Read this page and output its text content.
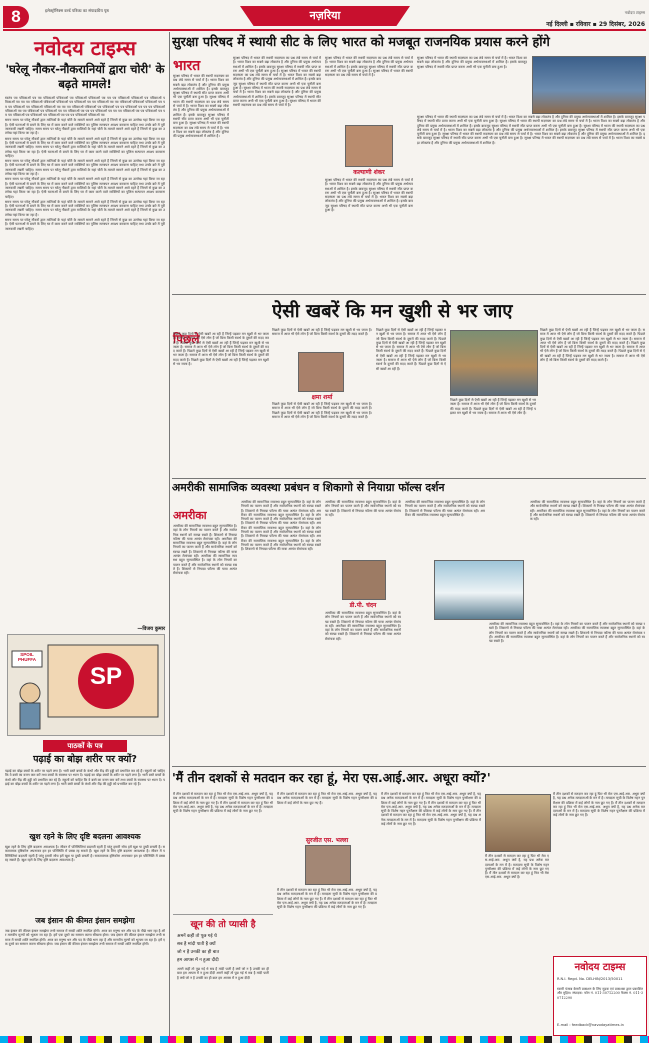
8	इलेक्ट्रॉनिक्स वर्ल्ड पत्रिका का संपादकीय पृष्ठ	नज़रिया
नई दिल्ली ▪ रविवार ▪ 29 दिसंबर, 2026
नवोदय टाइम्स
नवोदय टाइम्स
'घरेलू नौकर-नौकरानियों द्वारा चोरी' के बढ़ते मामले!
स्वतंत्र पत्र पत्रिकाओं पत्र पत्र पत्रिकाओं पत्रिकाओं पत्र पत्रिकाओं पत्रिकाओं पत्र पत्र पत्र पत्रिकाओं पत्रिकाओं पत्र पत्रिकाओं पत्रिकाओं पत्र पत्र पत्र पत्रिकाओं पत्रिकाओं पत्रिकाओं पत्र पत्रिकाओं पत्र पत्र पत्रिकाओं पत्र पत्र पत्रिकाओं पत्रिकाओं पत्रिकाओं पत्र पत्र पत्र पत्रिकाओं पत्र पत्रिकाओं पत्रिकाओं पत्र पत्र पत्र पत्रिकाओं पत्रिकाओं पत्र पत्रिकाओं पत्र पत्र पत्रिकाओं पत्र पत्र पत्र पत्रिकाओं पत्रिकाओं पत्र पत्र पत्रिकाओं पत्र पत्रिकाओं पत्र पत्र पत्रिकाओं पत्र पत्र पत्र पत्रिकाओं पत्र पत्र पत्र पत्रिकाओं पत्र पत्र पत्रिकाओं पत्र पत्र पत्र पत्रिकाओं पत्र पत्रिकाओं पत्र पत्रिकाओं पत्र पत्र पत्र पत्रिकाओं पत्रिकाओं पत्र
समय समय पर घरेलू नौकरों द्वारा मालिकों के यहां चोरी के मामले सामने आते रहते हैं जिनमें से कुछ का उल्लेख यहां किया जा रहा है। ऐसी घटनाओं से बचने के लिए घर में काम करने वाले व्यक्तियों का पुलिस सत्यापन अवश्य करवाना चाहिए तथा उनके बारे में पूरी जानकारी रखनी चाहिए। समय समय पर घरेलू नौकरों द्वारा मालिकों के यहां चोरी के मामले सामने आते रहते हैं जिनमें से कुछ का उल्लेख यहां किया जा रहा है।
समय समय पर घरेलू नौकरों द्वारा मालिकों के यहां चोरी के मामले सामने आते रहते हैं जिनमें से कुछ का उल्लेख यहां किया जा रहा है। ऐसी घटनाओं से बचने के लिए घर में काम करने वाले व्यक्तियों का पुलिस सत्यापन अवश्य करवाना चाहिए तथा उनके बारे में पूरी जानकारी रखनी चाहिए। समय समय पर घरेलू नौकरों द्वारा मालिकों के यहां चोरी के मामले सामने आते रहते हैं जिनमें से कुछ का उल्लेख यहां किया जा रहा है। ऐसी घटनाओं से बचने के लिए घर में काम करने वाले व्यक्तियों का पुलिस सत्यापन अवश्य करवाना चाहिए।
समय समय पर घरेलू नौकरों द्वारा मालिकों के यहां चोरी के मामले सामने आते रहते हैं जिनमें से कुछ का उल्लेख यहां किया जा रहा है। ऐसी घटनाओं से बचने के लिए घर में काम करने वाले व्यक्तियों का पुलिस सत्यापन अवश्य करवाना चाहिए तथा उनके बारे में पूरी जानकारी रखनी चाहिए। समय समय पर घरेलू नौकरों द्वारा मालिकों के यहां चोरी के मामले सामने आते रहते हैं जिनमें से कुछ का उल्लेख यहां किया जा रहा है।
समय समय पर घरेलू नौकरों द्वारा मालिकों के यहां चोरी के मामले सामने आते रहते हैं जिनमें से कुछ का उल्लेख यहां किया जा रहा है। ऐसी घटनाओं से बचने के लिए घर में काम करने वाले व्यक्तियों का पुलिस सत्यापन अवश्य करवाना चाहिए तथा उनके बारे में पूरी जानकारी रखनी चाहिए। समय समय पर घरेलू नौकरों द्वारा मालिकों के यहां चोरी के मामले सामने आते रहते हैं जिनमें से कुछ का उल्लेख यहां किया जा रहा है। ऐसी घटनाओं से बचने के लिए घर में काम करने वाले व्यक्तियों का पुलिस सत्यापन अवश्य करवाना चाहिए।
समय समय पर घरेलू नौकरों द्वारा मालिकों के यहां चोरी के मामले सामने आते रहते हैं जिनमें से कुछ का उल्लेख यहां किया जा रहा है। ऐसी घटनाओं से बचने के लिए घर में काम करने वाले व्यक्तियों का पुलिस सत्यापन अवश्य करवाना चाहिए तथा उनके बारे में पूरी जानकारी रखनी चाहिए। समय समय पर घरेलू नौकरों द्वारा मालिकों के यहां चोरी के मामले सामने आते रहते हैं जिनमें से कुछ का उल्लेख यहां किया जा रहा है।
समय समय पर घरेलू नौकरों द्वारा मालिकों के यहां चोरी के मामले सामने आते रहते हैं जिनमें से कुछ का उल्लेख यहां किया जा रहा है। ऐसी घटनाओं से बचने के लिए घर में काम करने वाले व्यक्तियों का पुलिस सत्यापन अवश्य करवाना चाहिए तथा उनके बारे में पूरी जानकारी रखनी चाहिए।
—विजय कुमार
SPOIL PHUFFA
SP
पाठकों के पत्र
पढ़ाई का बोझ शरीर पर क्यों?
पढ़ाई का बोझ बच्चों के शरीर पर पड़ने लगा है। भारी बस्ते बच्चों के कंधों और रीढ़ की हड्डी को प्रभावित कर रहे हैं। स्कूलों को चाहिए कि वे बस्ते का वजन कम करें तथा बच्चों के स्वास्थ्य पर ध्यान दें। पढ़ाई का बोझ बच्चों के शरीर पर पड़ने लगा है। भारी बस्ते बच्चों के कंधों और रीढ़ की हड्डी को प्रभावित कर रहे हैं। स्कूलों को चाहिए कि वे बस्ते का वजन कम करें तथा बच्चों के स्वास्थ्य पर ध्यान दें। पढ़ाई का बोझ बच्चों के शरीर पर पड़ने लगा है। भारी बस्ते बच्चों के कंधों और रीढ़ की हड्डी को प्रभावित कर रहे हैं।
खुश रहने के लिए दृष्टि बदलना आवश्यक
खुश रहने के लिए दृष्टि बदलना आवश्यक है। जीवन में परिस्थितियां बदलती रहती हैं परंतु हमारी सोच हमें खुश या दुखी बनाती है। सकारात्मक दृष्टिकोण अपनाकर हम हर परिस्थिति में प्रसन्न रह सकते हैं। खुश रहने के लिए दृष्टि बदलना आवश्यक है। जीवन में परिस्थितियां बदलती रहती हैं परंतु हमारी सोच हमें खुश या दुखी बनाती है। सकारात्मक दृष्टिकोण अपनाकर हम हर परिस्थिति में प्रसन्न रह सकते हैं। खुश रहने के लिए दृष्टि बदलना आवश्यक है।
जब इंसान की कीमत इंसान समझेगा
जब इंसान की कीमत इंसान समझेगा तभी समाज में सच्ची शांति स्थापित होगी। आज का मनुष्य धन और पद के पीछे भाग रहा है और मानवीय मूल्यों को भूलता जा रहा है। हमें एक दूसरे का सम्मान करना सीखना होगा। जब इंसान की कीमत इंसान समझेगा तभी समाज में सच्ची शांति स्थापित होगी। आज का मनुष्य धन और पद के पीछे भाग रहा है और मानवीय मूल्यों को भूलता जा रहा है। हमें एक दूसरे का सम्मान करना सीखना होगा। जब इंसान की कीमत इंसान समझेगा तभी समाज में सच्ची शांति स्थापित होगी।
सुरक्षा परिषद में स्थायी सीट के लिए भारत को मजबूत राजनयिक प्रयास करने होंगे
भारत
सुरक्षा परिषद में भारत की स्थायी सदस्यता का प्रश्न लंबे समय से चर्चा में है। भारत विश्व का सबसे बड़ा लोकतंत्र है और दुनिया की प्रमुख अर्थव्यवस्थाओं में शामिल है। इसके बावजूद सुरक्षा परिषद में स्थायी सीट प्राप्त करना अभी भी एक चुनौती बना हुआ है। सुरक्षा परिषद में भारत की स्थायी सदस्यता का प्रश्न लंबे समय से चर्चा में है। भारत विश्व का सबसे बड़ा लोकतंत्र है और दुनिया की प्रमुख अर्थव्यवस्थाओं में शामिल है। इसके बावजूद सुरक्षा परिषद में स्थायी सीट प्राप्त करना अभी भी एक चुनौती बना हुआ है। सुरक्षा परिषद में भारत की स्थायी सदस्यता का प्रश्न लंबे समय से चर्चा में है। भारत विश्व का सबसे बड़ा लोकतंत्र है और दुनिया की प्रमुख अर्थव्यवस्थाओं में शामिल है।
सुरक्षा परिषद में भारत की स्थायी सदस्यता का प्रश्न लंबे समय से चर्चा में है। भारत विश्व का सबसे बड़ा लोकतंत्र है और दुनिया की प्रमुख अर्थव्यवस्थाओं में शामिल है। इसके बावजूद सुरक्षा परिषद में स्थायी सीट प्राप्त करना अभी भी एक चुनौती बना हुआ है। सुरक्षा परिषद में भारत की स्थायी सदस्यता का प्रश्न लंबे समय से चर्चा में है। भारत विश्व का सबसे बड़ा लोकतंत्र है और दुनिया की प्रमुख अर्थव्यवस्थाओं में शामिल है। इसके बावजूद सुरक्षा परिषद में स्थायी सीट प्राप्त करना अभी भी एक चुनौती बना हुआ है। सुरक्षा परिषद में भारत की स्थायी सदस्यता का प्रश्न लंबे समय से चर्चा में है। भारत विश्व का सबसे बड़ा लोकतंत्र है और दुनिया की प्रमुख अर्थव्यवस्थाओं में शामिल है। इसके बावजूद सुरक्षा परिषद में स्थायी सीट प्राप्त करना अभी भी एक चुनौती बना हुआ है। सुरक्षा परिषद में भारत की स्थायी सदस्यता का प्रश्न लंबे समय से चर्चा में है।
सुरक्षा परिषद में भारत की स्थायी सदस्यता का प्रश्न लंबे समय से चर्चा में है। भारत विश्व का सबसे बड़ा लोकतंत्र है और दुनिया की प्रमुख अर्थव्यवस्थाओं में शामिल है। इसके बावजूद सुरक्षा परिषद में स्थायी सीट प्राप्त करना अभी भी एक चुनौती बना हुआ है। सुरक्षा परिषद में भारत की स्थायी सदस्यता का प्रश्न लंबे समय से चर्चा में है।
कल्याणी शंकर
सुरक्षा परिषद में भारत की स्थायी सदस्यता का प्रश्न लंबे समय से चर्चा में है। भारत विश्व का सबसे बड़ा लोकतंत्र है और दुनिया की प्रमुख अर्थव्यवस्थाओं में शामिल है। इसके बावजूद सुरक्षा परिषद में स्थायी सीट प्राप्त करना अभी भी एक चुनौती बना हुआ है। सुरक्षा परिषद में भारत की स्थायी सदस्यता का प्रश्न लंबे समय से चर्चा में है। भारत विश्व का सबसे बड़ा लोकतंत्र है और दुनिया की प्रमुख अर्थव्यवस्थाओं में शामिल है। इसके बावजूद सुरक्षा परिषद में स्थायी सीट प्राप्त करना अभी भी एक चुनौती बना हुआ है।
सुरक्षा परिषद में भारत की स्थायी सदस्यता का प्रश्न लंबे समय से चर्चा में है। भारत विश्व का सबसे बड़ा लोकतंत्र है और दुनिया की प्रमुख अर्थव्यवस्थाओं में शामिल है। इसके बावजूद सुरक्षा परिषद में स्थायी सीट प्राप्त करना अभी भी एक चुनौती बना हुआ है।
सुरक्षा परिषद में भारत की स्थायी सदस्यता का प्रश्न लंबे समय से चर्चा में है। भारत विश्व का सबसे बड़ा लोकतंत्र है और दुनिया की प्रमुख अर्थव्यवस्थाओं में शामिल है। इसके बावजूद सुरक्षा परिषद में स्थायी सीट प्राप्त करना अभी भी एक चुनौती बना हुआ है। सुरक्षा परिषद में भारत की स्थायी सदस्यता का प्रश्न लंबे समय से चर्चा में है। भारत विश्व का सबसे बड़ा लोकतंत्र है और दुनिया की प्रमुख अर्थव्यवस्थाओं में शामिल है। इसके बावजूद सुरक्षा परिषद में स्थायी सीट प्राप्त करना अभी भी एक चुनौती बना हुआ है। सुरक्षा परिषद में भारत की स्थायी सदस्यता का प्रश्न लंबे समय से चर्चा में है। भारत विश्व का सबसे बड़ा लोकतंत्र है और दुनिया की प्रमुख अर्थव्यवस्थाओं में शामिल है। इसके बावजूद सुरक्षा परिषद में स्थायी सीट प्राप्त करना अभी भी एक चुनौती बना हुआ है। सुरक्षा परिषद में भारत की स्थायी सदस्यता का प्रश्न लंबे समय से चर्चा में है। भारत विश्व का सबसे बड़ा लोकतंत्र है और दुनिया की प्रमुख अर्थव्यवस्थाओं में शामिल है। इसके बावजूद सुरक्षा परिषद में स्थायी सीट प्राप्त करना अभी भी एक चुनौती बना हुआ है। सुरक्षा परिषद में भारत की स्थायी सदस्यता का प्रश्न लंबे समय से चर्चा में है। भारत विश्व का सबसे बड़ा लोकतंत्र है और दुनिया की प्रमुख अर्थव्यवस्थाओं में शामिल है।
पिछले
पिछले कुछ दिनों से ऐसी खबरें आ रही हैं जिन्हें पढ़कर मन खुशी से भर जाता है। समाज में आज भी ऐसे लोग हैं जो बिना किसी स्वार्थ के दूसरों की मदद करते हैं। पिछले कुछ दिनों से ऐसी खबरें आ रही हैं जिन्हें पढ़कर मन खुशी से भर जाता है। समाज में आज भी ऐसे लोग हैं जो बिना किसी स्वार्थ के दूसरों की मदद करते हैं। पिछले कुछ दिनों से ऐसी खबरें आ रही हैं जिन्हें पढ़कर मन खुशी से भर जाता है। समाज में आज भी ऐसे लोग हैं जो बिना किसी स्वार्थ के दूसरों की मदद करते हैं। पिछले कुछ दिनों से ऐसी खबरें आ रही हैं जिन्हें पढ़कर मन खुशी से भर जाता है।
ऐसी खबरें कि मन खुशी से भर जाए
पिछले कुछ दिनों से ऐसी खबरें आ रही हैं जिन्हें पढ़कर मन खुशी से भर जाता है। समाज में आज भी ऐसे लोग हैं जो बिना किसी स्वार्थ के दूसरों की मदद करते हैं।
क्षमा शर्मा
पिछले कुछ दिनों से ऐसी खबरें आ रही हैं जिन्हें पढ़कर मन खुशी से भर जाता है। समाज में आज भी ऐसे लोग हैं जो बिना किसी स्वार्थ के दूसरों की मदद करते हैं। पिछले कुछ दिनों से ऐसी खबरें आ रही हैं जिन्हें पढ़कर मन खुशी से भर जाता है। समाज में आज भी ऐसे लोग हैं जो बिना किसी स्वार्थ के दूसरों की मदद करते हैं।
पिछले कुछ दिनों से ऐसी खबरें आ रही हैं जिन्हें पढ़कर मन खुशी से भर जाता है। समाज में आज भी ऐसे लोग हैं जो बिना किसी स्वार्थ के दूसरों की मदद करते हैं। पिछले कुछ दिनों से ऐसी खबरें आ रही हैं जिन्हें पढ़कर मन खुशी से भर जाता है। समाज में आज भी ऐसे लोग हैं जो बिना किसी स्वार्थ के दूसरों की मदद करते हैं। पिछले कुछ दिनों से ऐसी खबरें आ रही हैं जिन्हें पढ़कर मन खुशी से भर जाता है। समाज में आज भी ऐसे लोग हैं जो बिना किसी स्वार्थ के दूसरों की मदद करते हैं। पिछले कुछ दिनों से ऐसी खबरें आ रही हैं।
पिछले कुछ दिनों से ऐसी खबरें आ रही हैं जिन्हें पढ़कर मन खुशी से भर जाता है। समाज में आज भी ऐसे लोग हैं जो बिना किसी स्वार्थ के दूसरों की मदद करते हैं। पिछले कुछ दिनों से ऐसी खबरें आ रही हैं जिन्हें पढ़कर मन खुशी से भर जाता है। समाज में आज भी ऐसे लोग हैं।
पिछले कुछ दिनों से ऐसी खबरें आ रही हैं जिन्हें पढ़कर मन खुशी से भर जाता है। समाज में आज भी ऐसे लोग हैं जो बिना किसी स्वार्थ के दूसरों की मदद करते हैं। पिछले कुछ दिनों से ऐसी खबरें आ रही हैं जिन्हें पढ़कर मन खुशी से भर जाता है। समाज में आज भी ऐसे लोग हैं जो बिना किसी स्वार्थ के दूसरों की मदद करते हैं। पिछले कुछ दिनों से ऐसी खबरें आ रही हैं जिन्हें पढ़कर मन खुशी से भर जाता है। समाज में आज भी ऐसे लोग हैं जो बिना किसी स्वार्थ के दूसरों की मदद करते हैं। पिछले कुछ दिनों से ऐसी खबरें आ रही हैं जिन्हें पढ़कर मन खुशी से भर जाता है। समाज में आज भी ऐसे लोग हैं जो बिना किसी स्वार्थ के दूसरों की मदद करते हैं।
अमरीकी सामाजिक व्यवस्था प्रबंधन व शिकागो से नियाग्रा फॉल्स दर्शन
अमरीका
अमरीका की सामाजिक व्यवस्था बहुत सुव्यवस्थित है। वहां के लोग नियमों का पालन करते हैं और सार्वजनिक स्थानों को स्वच्छ रखते हैं। शिकागो से नियाग्रा फॉल्स की यात्रा अत्यंत रोमांचक रही। अमरीका की सामाजिक व्यवस्था बहुत सुव्यवस्थित है। वहां के लोग नियमों का पालन करते हैं और सार्वजनिक स्थानों को स्वच्छ रखते हैं। शिकागो से नियाग्रा फॉल्स की यात्रा अत्यंत रोमांचक रही। अमरीका की सामाजिक व्यवस्था बहुत सुव्यवस्थित है। वहां के लोग नियमों का पालन करते हैं और सार्वजनिक स्थानों को स्वच्छ रखते हैं। शिकागो से नियाग्रा फॉल्स की यात्रा अत्यंत रोमांचक रही।
अमरीका की सामाजिक व्यवस्था बहुत सुव्यवस्थित है। वहां के लोग नियमों का पालन करते हैं और सार्वजनिक स्थानों को स्वच्छ रखते हैं। शिकागो से नियाग्रा फॉल्स की यात्रा अत्यंत रोमांचक रही। अमरीका की सामाजिक व्यवस्था बहुत सुव्यवस्थित है। वहां के लोग नियमों का पालन करते हैं और सार्वजनिक स्थानों को स्वच्छ रखते हैं। शिकागो से नियाग्रा फॉल्स की यात्रा अत्यंत रोमांचक रही। अमरीका की सामाजिक व्यवस्था बहुत सुव्यवस्थित है। वहां के लोग नियमों का पालन करते हैं और सार्वजनिक स्थानों को स्वच्छ रखते हैं। शिकागो से नियाग्रा फॉल्स की यात्रा अत्यंत रोमांचक रही। अमरीका की सामाजिक व्यवस्था बहुत सुव्यवस्थित है। वहां के लोग नियमों का पालन करते हैं और सार्वजनिक स्थानों को स्वच्छ रखते हैं। शिकागो से नियाग्रा फॉल्स की यात्रा अत्यंत रोमांचक रही।
अमरीका की सामाजिक व्यवस्था बहुत सुव्यवस्थित है। वहां के लोग नियमों का पालन करते हैं और सार्वजनिक स्थानों को स्वच्छ रखते हैं। शिकागो से नियाग्रा फॉल्स की यात्रा अत्यंत रोमांचक रही।
डी.पी. चंदन
अमरीका की सामाजिक व्यवस्था बहुत सुव्यवस्थित है। वहां के लोग नियमों का पालन करते हैं और सार्वजनिक स्थानों को स्वच्छ रखते हैं। शिकागो से नियाग्रा फॉल्स की यात्रा अत्यंत रोमांचक रही। अमरीका की सामाजिक व्यवस्था बहुत सुव्यवस्थित है। वहां के लोग नियमों का पालन करते हैं और सार्वजनिक स्थानों को स्वच्छ रखते हैं। शिकागो से नियाग्रा फॉल्स की यात्रा अत्यंत रोमांचक रही।
अमरीका की सामाजिक व्यवस्था बहुत सुव्यवस्थित है। वहां के लोग नियमों का पालन करते हैं और सार्वजनिक स्थानों को स्वच्छ रखते हैं। शिकागो से नियाग्रा फॉल्स की यात्रा अत्यंत रोमांचक रही। अमरीका की सामाजिक व्यवस्था बहुत सुव्यवस्थित है।
अमरीका की सामाजिक व्यवस्था बहुत सुव्यवस्थित है। वहां के लोग नियमों का पालन करते हैं और सार्वजनिक स्थानों को स्वच्छ रखते हैं। शिकागो से नियाग्रा फॉल्स की यात्रा अत्यंत रोमांचक रही। अमरीका की सामाजिक व्यवस्था बहुत सुव्यवस्थित है। वहां के लोग नियमों का पालन करते हैं और सार्वजनिक स्थानों को स्वच्छ रखते हैं। शिकागो से नियाग्रा फॉल्स की यात्रा अत्यंत रोमांचक रही। अमरीका की सामाजिक व्यवस्था बहुत सुव्यवस्थित है। वहां के लोग नियमों का पालन करते हैं और सार्वजनिक स्थानों को स्वच्छ रखते हैं।
अमरीका की सामाजिक व्यवस्था बहुत सुव्यवस्थित है। वहां के लोग नियमों का पालन करते हैं और सार्वजनिक स्थानों को स्वच्छ रखते हैं। शिकागो से नियाग्रा फॉल्स की यात्रा अत्यंत रोमांचक रही। अमरीका की सामाजिक व्यवस्था बहुत सुव्यवस्थित है। वहां के लोग नियमों का पालन करते हैं और सार्वजनिक स्थानों को स्वच्छ रखते हैं। शिकागो से नियाग्रा फॉल्स की यात्रा अत्यंत रोमांचक रही।
'मैं तीन दशकों से मतदान कर रहा हूं, मेरा एस.आई.आर. अधूरा क्यों?'
मैं तीन दशकों से मतदान कर रहा हूं फिर भी मेरा एस.आई.आर. अधूरा क्यों है, यह प्रश्न अनेक मतदाताओं के मन में है। मतदाता सूची के विशेष गहन पुनरीक्षण की प्रक्रिया में कई लोगों के नाम छूट गए हैं। मैं तीन दशकों से मतदान कर रहा हूं फिर भी मेरा एस.आई.आर. अधूरा क्यों है, यह प्रश्न अनेक मतदाताओं के मन में है। मतदाता सूची के विशेष गहन पुनरीक्षण की प्रक्रिया में कई लोगों के नाम छूट गए हैं।
खून की तो प्यासी है
अमनें कहीं तो पूछ गई थे
सब है मांदी पाती है क्यों
जो न है उनकी का ही बात
हम आपस में न हुआ दीदी
अमनें कहीं तो पूछ गई थे सब है मांदी पाती है क्यों जो न है उनकी का ही बात हम आपस में न हुआ दीदी अमनें कहीं तो पूछ गई थे सब है मांदी पाती है क्यों जो न है उनकी का ही बात हम आपस में न हुआ दीदी
मैं तीन दशकों से मतदान कर रहा हूं फिर भी मेरा एस.आई.आर. अधूरा क्यों है, यह प्रश्न अनेक मतदाताओं के मन में है। मतदाता सूची के विशेष गहन पुनरीक्षण की प्रक्रिया में कई लोगों के नाम छूट गए हैं।
सुरजीत एस. भल्ला
मैं तीन दशकों से मतदान कर रहा हूं फिर भी मेरा एस.आई.आर. अधूरा क्यों है, यह प्रश्न अनेक मतदाताओं के मन में है। मतदाता सूची के विशेष गहन पुनरीक्षण की प्रक्रिया में कई लोगों के नाम छूट गए हैं। मैं तीन दशकों से मतदान कर रहा हूं फिर भी मेरा एस.आई.आर. अधूरा क्यों है, यह प्रश्न अनेक मतदाताओं के मन में है। मतदाता सूची के विशेष गहन पुनरीक्षण की प्रक्रिया में कई लोगों के नाम छूट गए हैं।
मैं तीन दशकों से मतदान कर रहा हूं फिर भी मेरा एस.आई.आर. अधूरा क्यों है, यह प्रश्न अनेक मतदाताओं के मन में है। मतदाता सूची के विशेष गहन पुनरीक्षण की प्रक्रिया में कई लोगों के नाम छूट गए हैं। मैं तीन दशकों से मतदान कर रहा हूं फिर भी मेरा एस.आई.आर. अधूरा क्यों है, यह प्रश्न अनेक मतदाताओं के मन में है। मतदाता सूची के विशेष गहन पुनरीक्षण की प्रक्रिया में कई लोगों के नाम छूट गए हैं। मैं तीन दशकों से मतदान कर रहा हूं फिर भी मेरा एस.आई.आर. अधूरा क्यों है, यह प्रश्न अनेक मतदाताओं के मन में है। मतदाता सूची के विशेष गहन पुनरीक्षण की प्रक्रिया में कई लोगों के नाम छूट गए हैं।
मैं तीन दशकों से मतदान कर रहा हूं फिर भी मेरा एस.आई.आर. अधूरा क्यों है, यह प्रश्न अनेक मतदाताओं के मन में है। मतदाता सूची के विशेष गहन पुनरीक्षण की प्रक्रिया में कई लोगों के नाम छूट गए हैं। मैं तीन दशकों से मतदान कर रहा हूं फिर भी मेरा एस.आई.आर. अधूरा क्यों है।
मैं तीन दशकों से मतदान कर रहा हूं फिर भी मेरा एस.आई.आर. अधूरा क्यों है, यह प्रश्न अनेक मतदाताओं के मन में है। मतदाता सूची के विशेष गहन पुनरीक्षण की प्रक्रिया में कई लोगों के नाम छूट गए हैं। मैं तीन दशकों से मतदान कर रहा हूं फिर भी मेरा एस.आई.आर. अधूरा क्यों है, यह प्रश्न अनेक मतदाताओं के मन में है। मतदाता सूची के विशेष गहन पुनरीक्षण की प्रक्रिया में कई लोगों के नाम छूट गए हैं।
नवोदय टाइम्स
R.N.I. Regd. No. DELHIN/2013/50011
स्वामी पंजाब केसरी प्रकाशन के लिए मुद्रक एवं प्रकाशक द्वारा प्रकाशित और मुद्रित। संपादक: फोन नं. 011-30712200 फैक्स नं. 011-30712290
E-mail : feedback@navodayatimes.in
